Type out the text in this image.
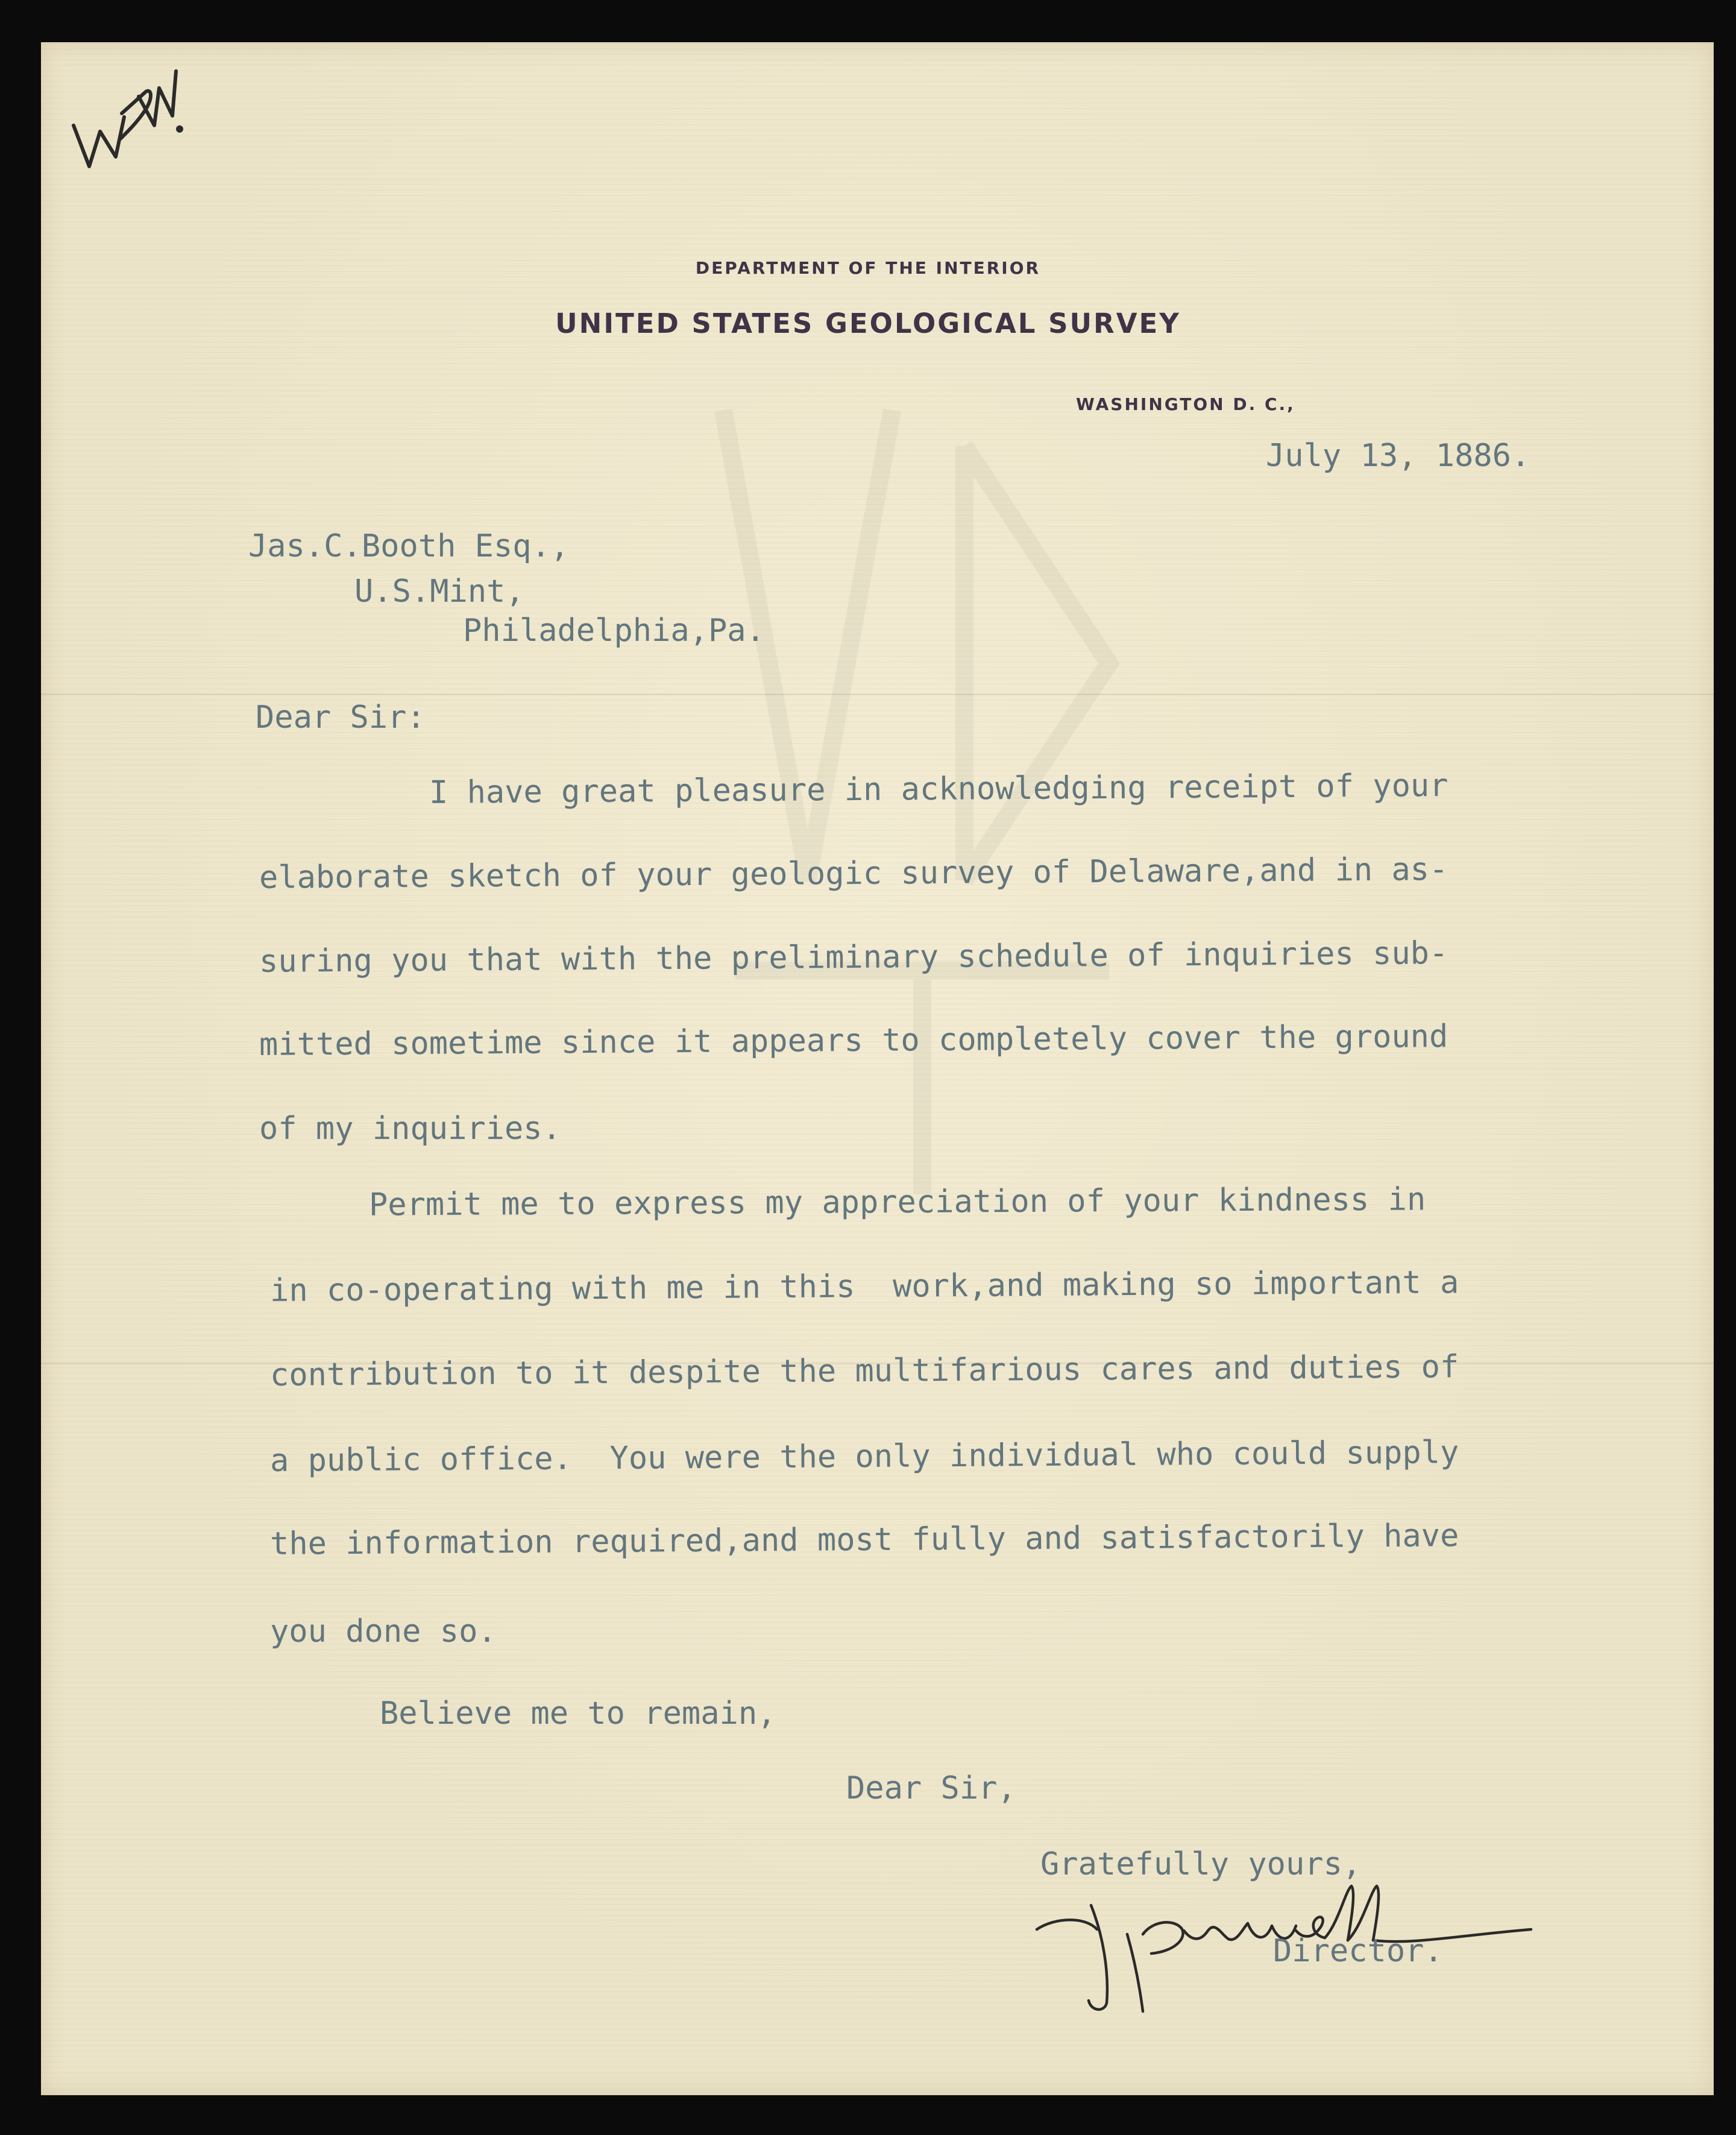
DEPARTMENT OF THE INTERIOR
UNITED STATES GEOLOGICAL SURVEY
WASHINGTON D. C.,
July 13, 1886.
Jas.C.Booth Esq.,
U.S.Mint,
Philadelphia,Pa.
Dear Sir:
I have great pleasure in acknowledging receipt of your
elaborate sketch of your geologic survey of Delaware,and in as-
suring you that with the preliminary schedule of inquiries sub-
mitted sometime since it appears to completely cover the ground
of my inquiries.
Permit me to express my appreciation of your kindness in
in co-operating with me in this  work,and making so important a
contribution to it despite the multifarious cares and duties of
a public office.  You were the only individual who could supply
the information required,and most fully and satisfactorily have
you done so.
Believe me to remain,
Dear Sir,
Gratefully yours,
Director.
